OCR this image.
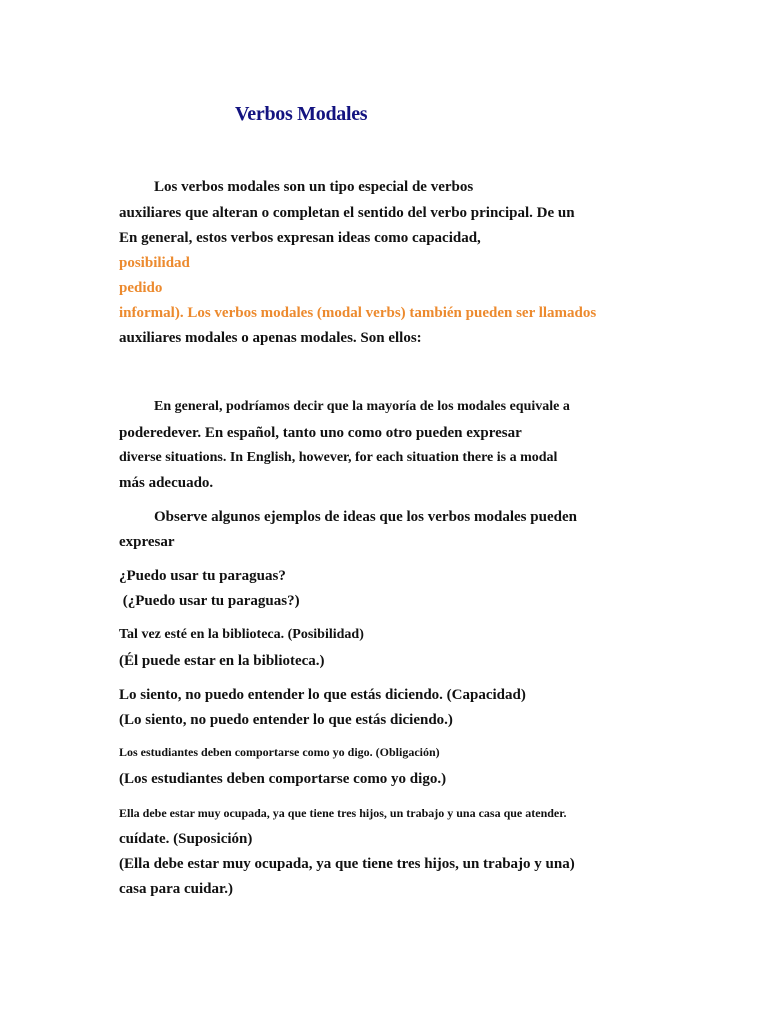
Verbos Modales
Los verbos modales son un tipo especial de verbos
auxiliares que alteran o completan el sentido del verbo principal. De un
En general, estos verbos expresan ideas como capacidad,
posibilidad
pedido
informal). Los verbos modales (modal verbs) también pueden ser llamados
auxiliares modales o apenas modales. Son ellos:
En general, podríamos decir que la mayoría de los modales equivale a
poderedever. En español, tanto uno como otro pueden expresar
diverse situations. In English, however, for each situation there is a modal
más adecuado.
Observe algunos ejemplos de ideas que los verbos modales pueden
expresar
¿Puedo usar tu paraguas?
(¿Puedo usar tu paraguas?)
Tal vez esté en la biblioteca. (Posibilidad)
(Él puede estar en la biblioteca.)
Lo siento, no puedo entender lo que estás diciendo. (Capacidad)
(Lo siento, no puedo entender lo que estás diciendo.)
Los estudiantes deben comportarse como yo digo. (Obligación)
(Los estudiantes deben comportarse como yo digo.)
Ella debe estar muy ocupada, ya que tiene tres hijos, un trabajo y una casa que atender.
cuídate. (Suposición)
(Ella debe estar muy ocupada, ya que tiene tres hijos, un trabajo y una)
casa para cuidar.)
